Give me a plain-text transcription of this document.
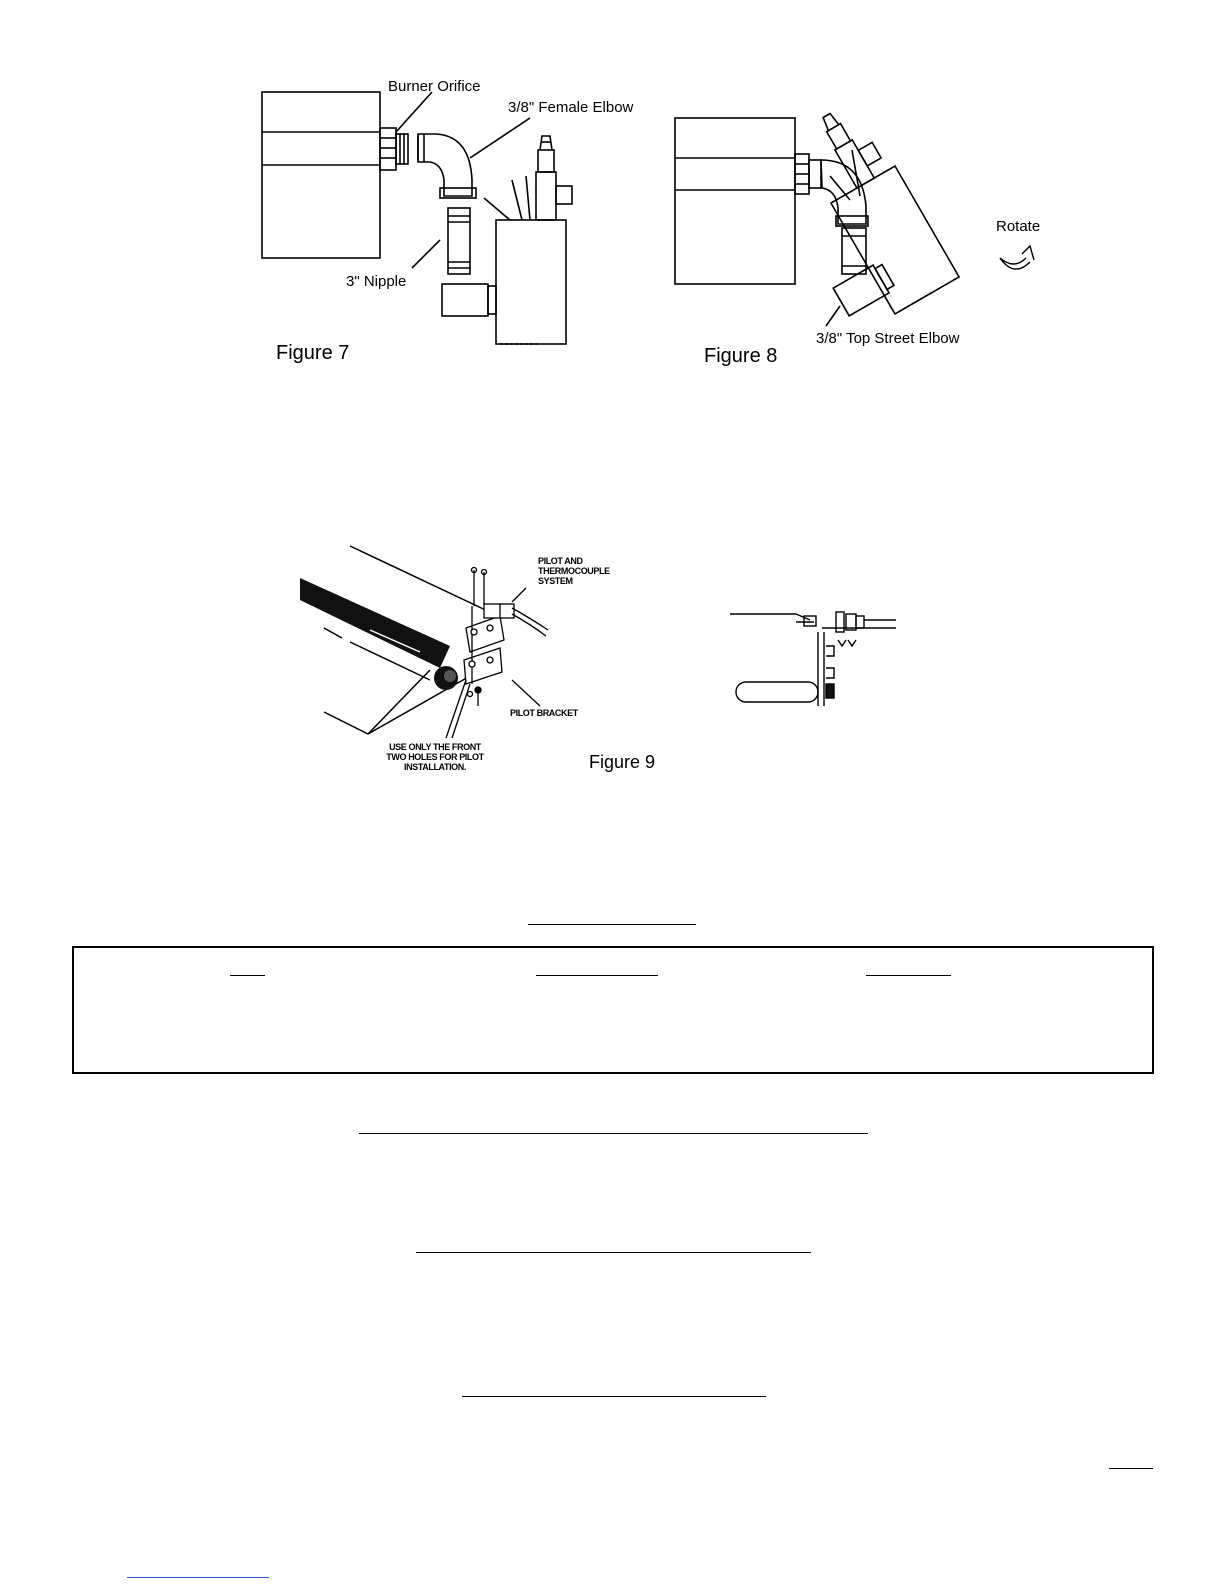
Burner Orifice
3/8" Female Elbow
3" Nipple
Figure 7
Rotate
3/8" Top Street Elbow
Figure 8
PILOT AND THERMOCOUPLE SYSTEM
PILOT BRACKET
USE ONLY THE FRONT TWO HOLES FOR PILOT INSTALLATION.	Figure 9
